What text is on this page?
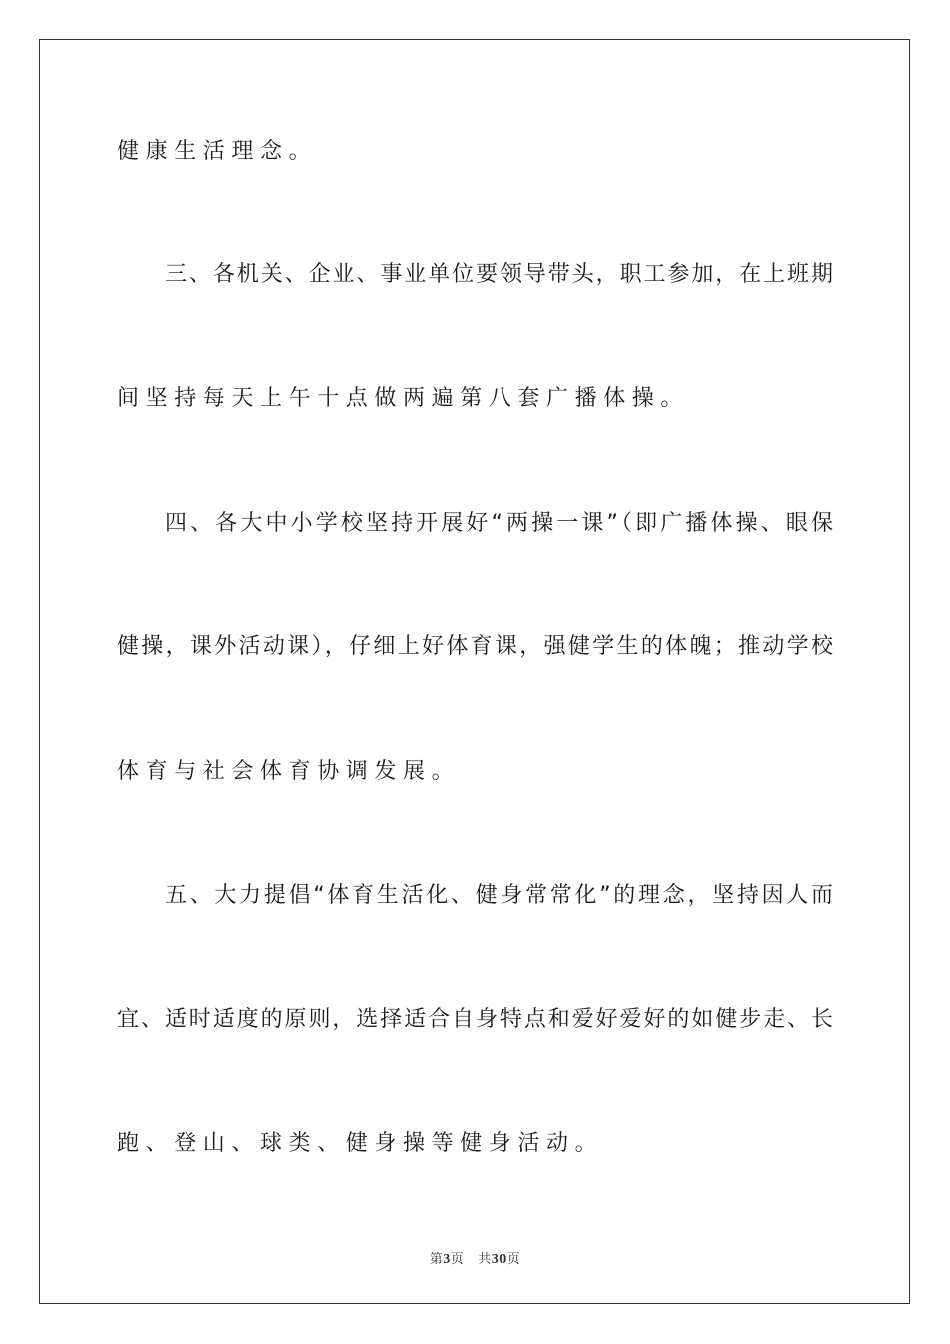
健康生活理念。
三、各机关、企业、事业单位要领导带头，职工参加，在上班期
间坚持每天上午十点做两遍第八套广播体操。
四、各大中小学校坚持开展好“两操一课”（即广播体操、眼保
健操，课外活动课），仔细上好体育课，强健学生的体魄；推动学校
体育与社会体育协调发展。
五、大力提倡“体育生活化、健身常常化”的理念，坚持因人而
宜、适时适度的原则，选择适合自身特点和爱好爱好的如健步走、长
跑、登山、球类、健身操等健身活动。
第3页 共30页
